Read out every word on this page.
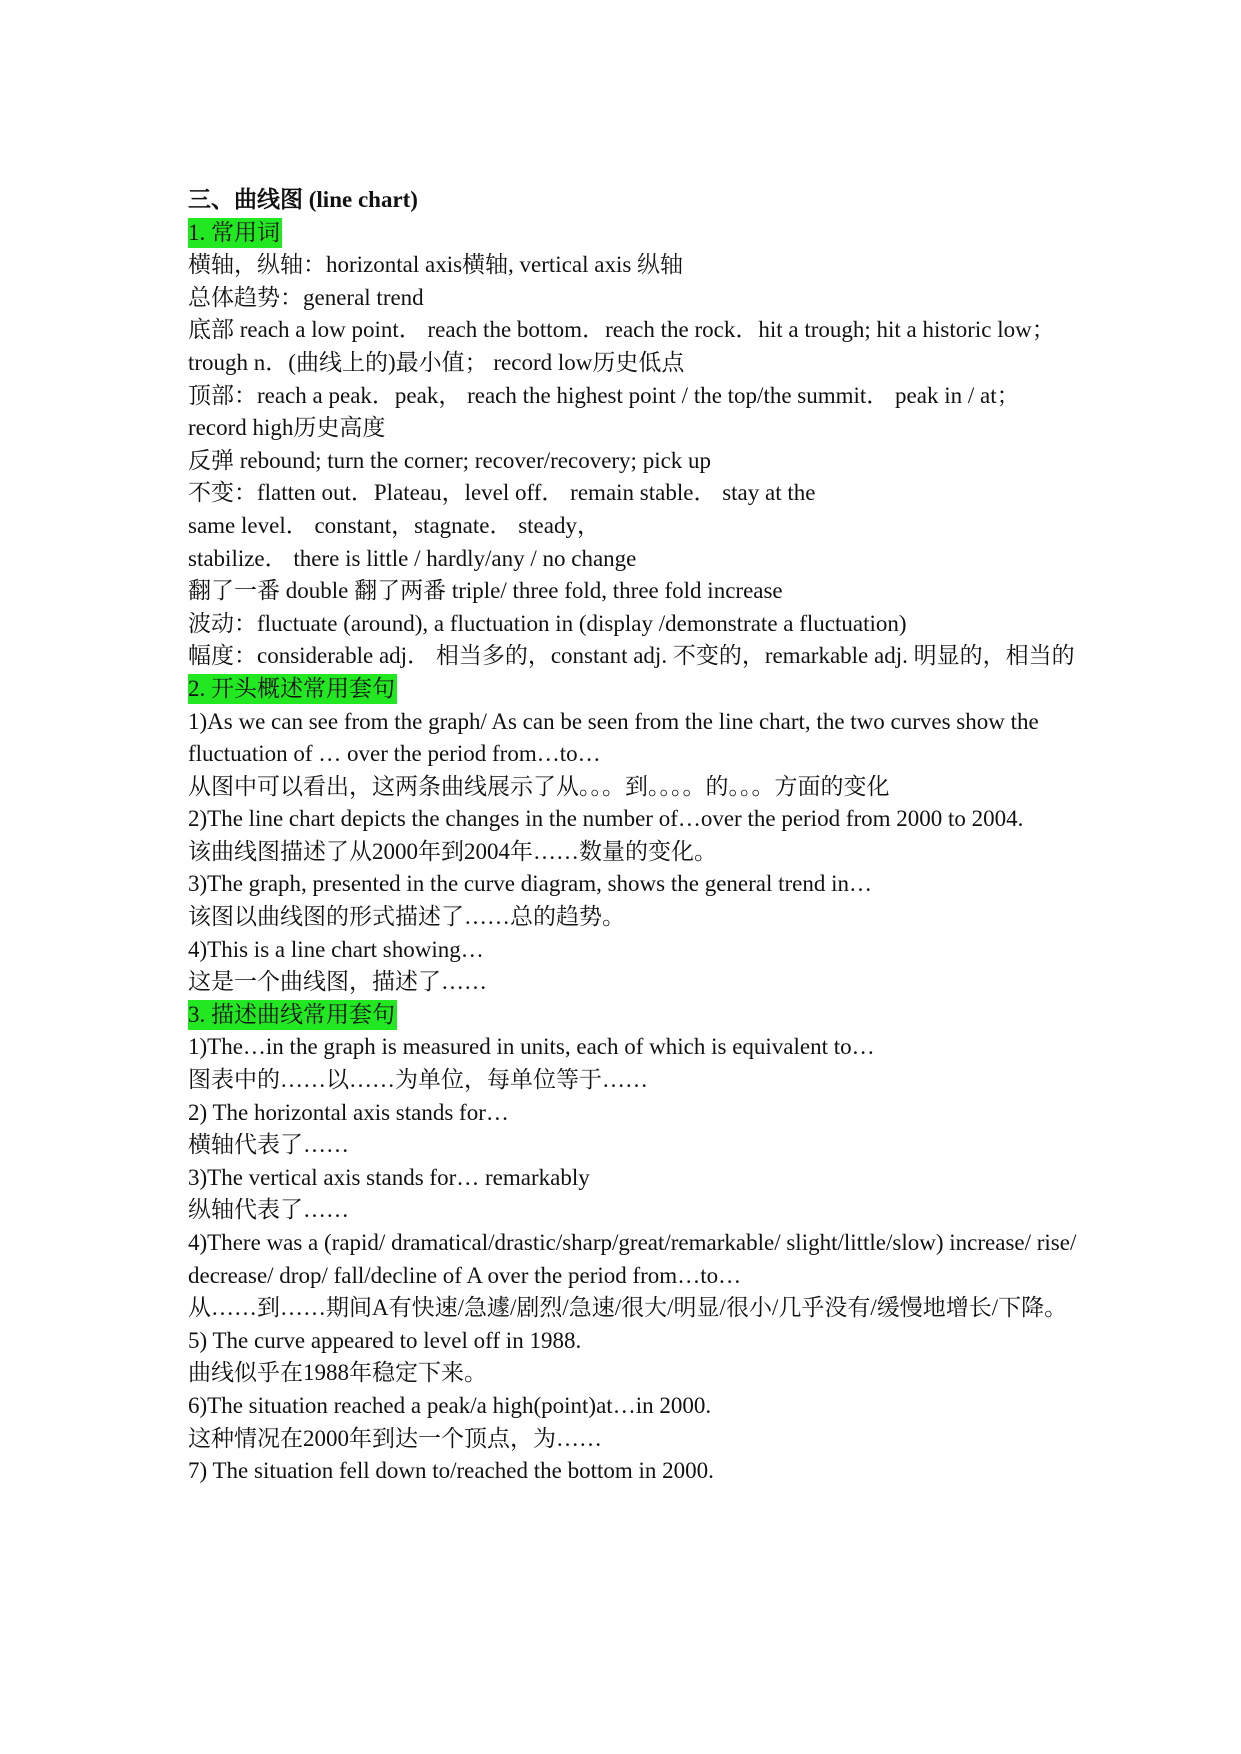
三、曲线图 (line chart)
1. 常用词
横轴，纵轴：horizontal axis横轴, vertical axis 纵轴
总体趋势：general trend
底部 reach a low point． reach the bottom．reach the rock．hit a trough; hit a historic low；trough n．(曲线上的)最小值； record low历史低点
顶部：reach a peak．peak， reach the highest point / the top/the summit． peak in / at；record high历史高度
反弹 rebound; turn the corner; recover/recovery; pick up
不变：flatten out．Plateau，level off． remain stable． stay at the same level． constant，stagnate． steady，
stabilize． there is little / hardly/any / no change
翻了一番 double 翻了两番 triple/ three fold, three fold increase
波动：fluctuate (around), a fluctuation in (display /demonstrate a fluctuation)
幅度：considerable adj． 相当多的，constant adj. 不变的，remarkable adj. 明显的，相当的
2. 开头概述常用套句
1)As we can see from the graph/ As can be seen from the line chart, the two curves show the fluctuation of … over the period from…to…
从图中可以看出，这两条曲线展示了从。。。到。。。。的。。。方面的变化
2)The line chart depicts the changes in the number of…over the period from 2000 to 2004.
该曲线图描述了从2000年到2004年……数量的变化。
3)The graph, presented in the curve diagram, shows the general trend in…
该图以曲线图的形式描述了……总的趋势。
4)This is a line chart showing…
这是一个曲线图，描述了……
3. 描述曲线常用套句
1)The…in the graph is measured in units, each of which is equivalent to…
图表中的……以……为单位，每单位等于……
2) The horizontal axis stands for…
横轴代表了……
3)The vertical axis stands for… remarkably
纵轴代表了……
4)There was a (rapid/ dramatical/drastic/sharp/great/remarkable/ slight/little/slow) increase/ rise/ decrease/ drop/ fall/decline of A over the period from…to…
从……到……期间A有快速/急遽/剧烈/急速/很大/明显/很小/几乎没有/缓慢地增长/下降。
5) The curve appeared to level off in 1988.
曲线似乎在1988年稳定下来。
6)The situation reached a peak/a high(point)at…in 2000.
这种情况在2000年到达一个顶点，为……
7) The situation fell down to/reached the bottom in 2000.
